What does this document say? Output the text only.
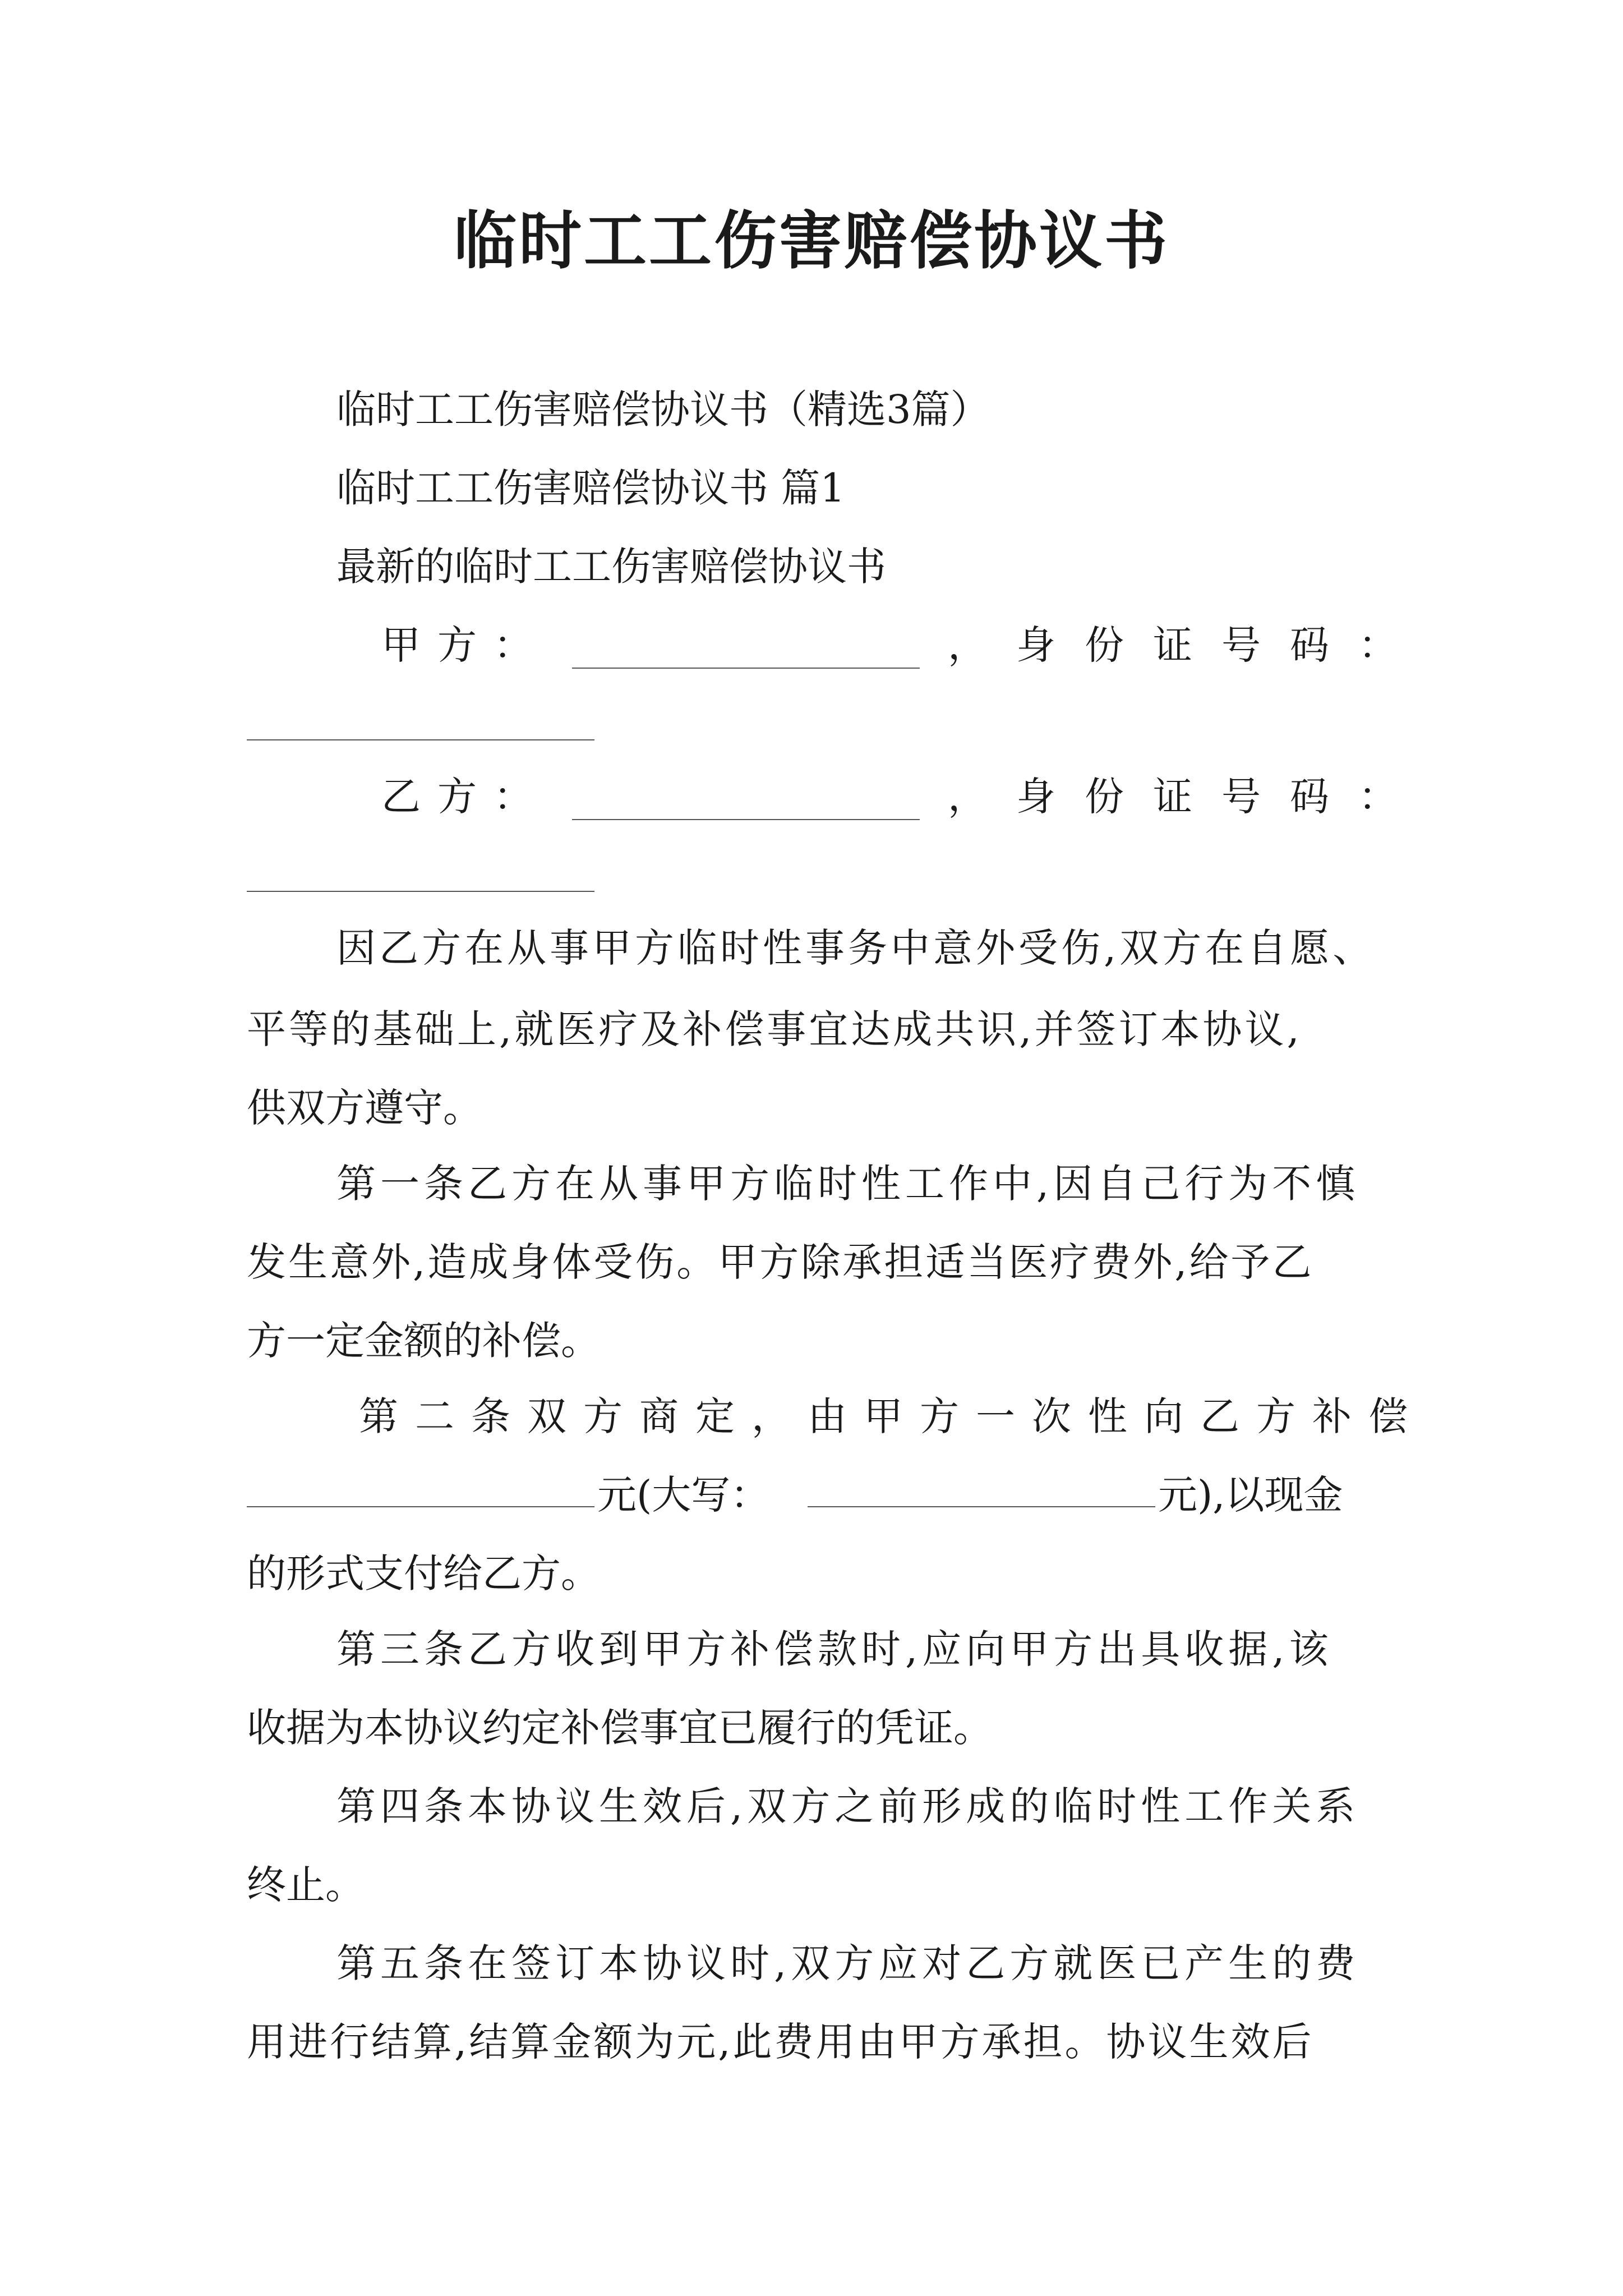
临时工工伤害赔偿协议书
临时工工伤害赔偿协议书（精选3篇）
临时工工伤害赔偿协议书 篇1
最新的临时工工伤害赔偿协议书
甲方：	，身份证号码：
乙方：	，身份证号码：
因乙方在从事甲方临时性事务中意外受伤,双方在自愿、
平等的基础上,就医疗及补偿事宜达成共识,并签订本协议,
供双方遵守。
第一条乙方在从事甲方临时性工作中,因自己行为不慎
发生意外,造成身体受伤。甲方除承担适当医疗费外,给予乙
方一定金额的补偿。
第二条双方商定，由甲方一次性向乙方补偿
元(大写：	元),以现金
的形式支付给乙方。
第三条乙方收到甲方补偿款时,应向甲方出具收据,该
收据为本协议约定补偿事宜已履行的凭证。
第四条本协议生效后,双方之前形成的临时性工作关系
终止。
第五条在签订本协议时,双方应对乙方就医已产生的费
用进行结算,结算金额为元,此费用由甲方承担。协议生效后
